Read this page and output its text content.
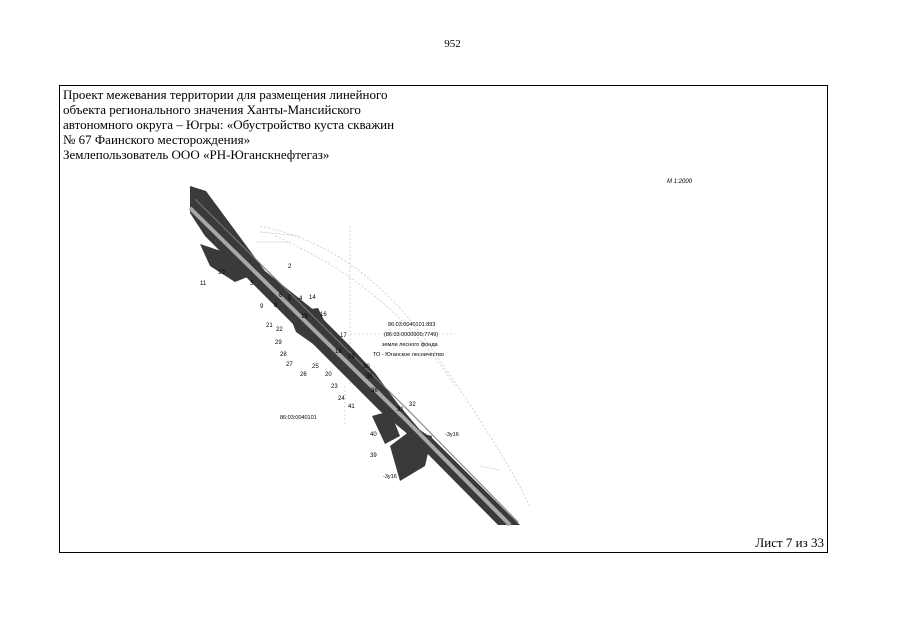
952
Проект межевания территории для размещения линейного
объекта регионального значения Ханты-Мансийского
автономного округа – Югры: «Обустройство куста скважин
№ 67 Фаинского месторождения»
Землепользователь ООО «РН-Юганскнефтегаз»
М 1:2000
2
3
4
5
6
8
9
10
11
14
15 16
17
18
19
20
21
22
23
24
25
26
27
28
29
30
31
32
35
36
39
40
41
86:03:0040101:893
(86:03:0000000:7749)
земли лесного фонда
ТО - Юганское лесничество
86:03:0040101
-3у16
-3у16
Лист 7 из 33
